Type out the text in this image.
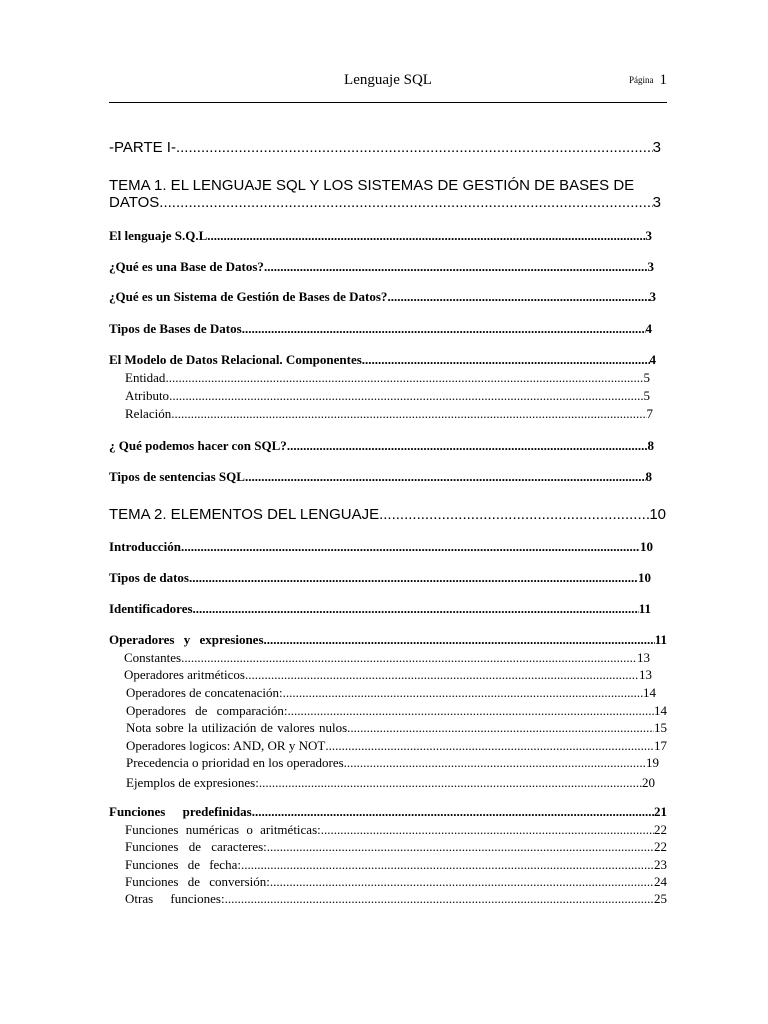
Lenguaje SQL	Página 1
-PARTE I- .....	3
TEMA 1. EL LENGUAJE SQL Y LOS SISTEMAS DE GESTIÓN DE BASES DE
DATOS .....	3
El lenguaje S.Q.L .....	3
¿Qué es una Base de Datos? .....	3
¿Qué es un Sistema de Gestión de Bases de Datos? .....	3
Tipos de Bases de Datos .....	4
El Modelo de Datos Relacional. Componentes. .....	4
Entidad .....	5
Atributo .....	5
Relación .....	7
¿ Qué podemos hacer con SQL? .....	8
Tipos de sentencias SQL .....	8
TEMA 2. ELEMENTOS DEL LENGUAJE .....	10
Introducción .....	10
Tipos de datos .....	10
Identificadores .....	11
Operadores y expresiones .....	11
Constantes .....	13
Operadores aritméticos .....	13
Operadores de concatenación: .....	14
Operadores de comparación: .....	14
Nota sobre la utilización de valores nulos .....	15
Operadores logicos: AND, OR y NOT .....	17
Precedencia o prioridad en los operadores .....	19
Ejemplos de expresiones: .....	20
Funciones predefinidas .....	21
Funciones numéricas o aritméticas: .....	22
Funciones de caracteres: .....	22
Funciones de fecha: .....	23
Funciones de conversión: .....	24
Otras funciones: .....	25
